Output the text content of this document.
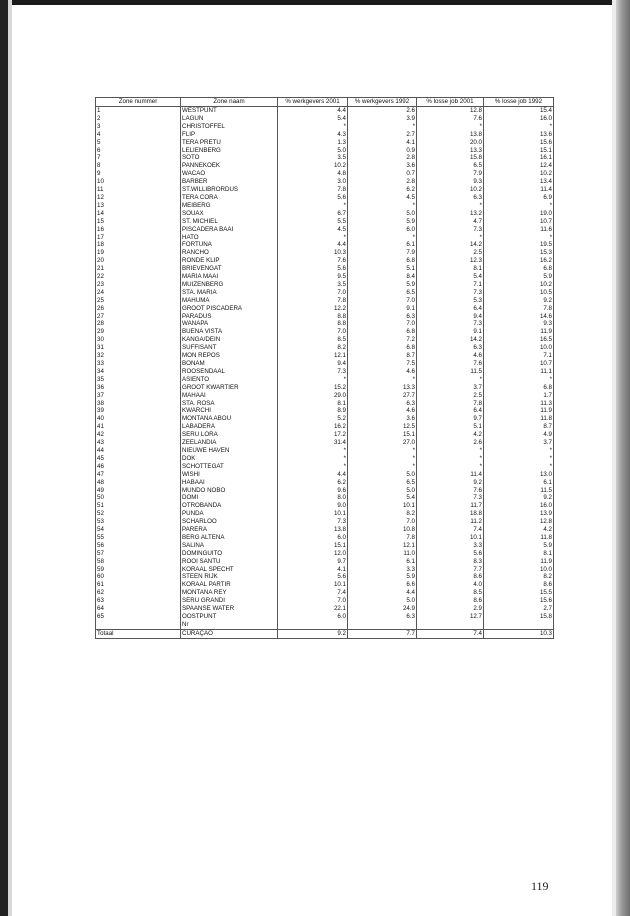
Zone nummer	Zone naam	% werkgevers 2001	% werkgevers 1992	% losse job 2001	% losse job 1992
1	WESTPUNT	4.4	2.6	12.8	15.4
2	LAGUN	5.4	3.9	7.6	16.0
3	CHRISTOFFEL	*	*	*	*
4	FLIP	4.3	2.7	13.8	13.6
5	TERA PRETU	1.3	4.1	20.0	15.6
6	LELIENBERG	5.0	0.9	13.3	15.1
7	SOTO	3.5	2.8	15.8	16.1
8	PANNEKOEK	10.2	3.6	6.5	12.4
9	WACAO	4.8	0.7	7.9	10.2
10	BARBER	3.0	2.8	9.3	13.4
11	ST.WILLIBRORDUS	7.8	6.2	10.2	11.4
12	TERA CORA	5.6	4.5	6.3	6.9
13	MEIBERG	*	*	*	*
14	SOUAX	6.7	5.0	13.2	19.0
15	ST. MICHIEL	5.5	5.9	4.7	10.7
16	PISCADERA BAAI	4.5	6.0	7.3	11.6
17	HATO	*	*	*	*
18	FORTUNA	4.4	6.1	14.2	19.5
19	RANCHO	10.3	7.9	2.5	15.3
20	RONDE KLIP	7.6	6.8	12.3	16.2
21	BRIEVENGAT	5.6	5.1	8.1	6.8
22	MARIA MAAI	9.5	8.4	5.4	5.9
23	MUIZENBERG	3.5	5.9	7.1	10.2
24	STA. MARIA	7.0	6.5	7.3	10.5
25	MAHUMA	7.8	7.0	5.3	9.2
26	GROOT PISCADERA	12.2	9.1	6.4	7.8
27	PARADUS	8.8	6.3	9.4	14.6
28	WANAPA	8.8	7.0	7.3	9.3
29	BUENA VISTA	7.0	6.8	9.1	11.9
30	KANGA/DEIN	8.5	7.2	14.2	16.5
31	SUFFISANT	8.2	6.8	6.3	10.0
32	MON REPOS	12.1	8.7	4.6	7.1
33	BONAM	9.4	7.5	7.6	10.7
34	ROOSENDAAL	7.3	4.6	11.5	11.1
35	ASIENTO	*	*	*	*
36	GROOT KWARTIER	15.2	13.3	3.7	6.8
37	MAHAAI	29.0	27.7	2.5	1.7
38	STA. ROSA	8.1	6.3	7.8	11.3
39	KWARCHI	8.9	4.6	6.4	11.9
40	MONTANA ABOU	5.2	3.6	9.7	11.8
41	LABADERA	16.2	12.5	5.1	8.7
42	SERU LORA	17.2	15.1	4.2	4.9
43	ZEELANDIA	31.4	27.0	2.6	3.7
44	NIEUWE HAVEN	*	*	*	*
45	DOK	*	*	*	*
46	SCHOTTEGAT	*	*	*	*
47	WISHI	4.4	5.0	11.4	13.0
48	HABAAI	6.2	6.5	9.2	6.1
49	MUNDO NOBO	9.6	5.0	7.6	11.5
50	DOMI	8.0	5.4	7.3	9.2
51	OTROBANDA	9.0	10.1	11.7	16.0
52	PUNDA	10.1	8.2	18.8	13.9
53	SCHARLOO	7.3	7.0	11.2	12.8
54	PARERA	13.8	10.8	7.4	4.2
55	BERG ALTENA	6.0	7.8	10.1	11.8
56	SALINA	15.1	12.1	3.3	5.9
57	DOMINGUITO	12.0	11.0	5.6	8.1
58	ROOI SANTU	9.7	6.1	8.3	11.9
59	KORAAL SPECHT	4.1	3.3	7.7	10.0
60	STEEN RIJK	5.6	5.9	8.6	8.2
61	KORAAL PARTIR	10.1	6.6	4.0	8.6
62	MONTANA REY	7.4	4.4	8.5	15.5
63	SERU GRANDI	7.0	5.0	8.6	15.6
64	SPAANSE WATER	22.1	24.9	2.9	2.7
65	OOSTPUNT	6.0	6.3	12.7	15.8
	Nr				
Totaal	CURAÇAO	9.2	7.7	7.4	10.3
119
